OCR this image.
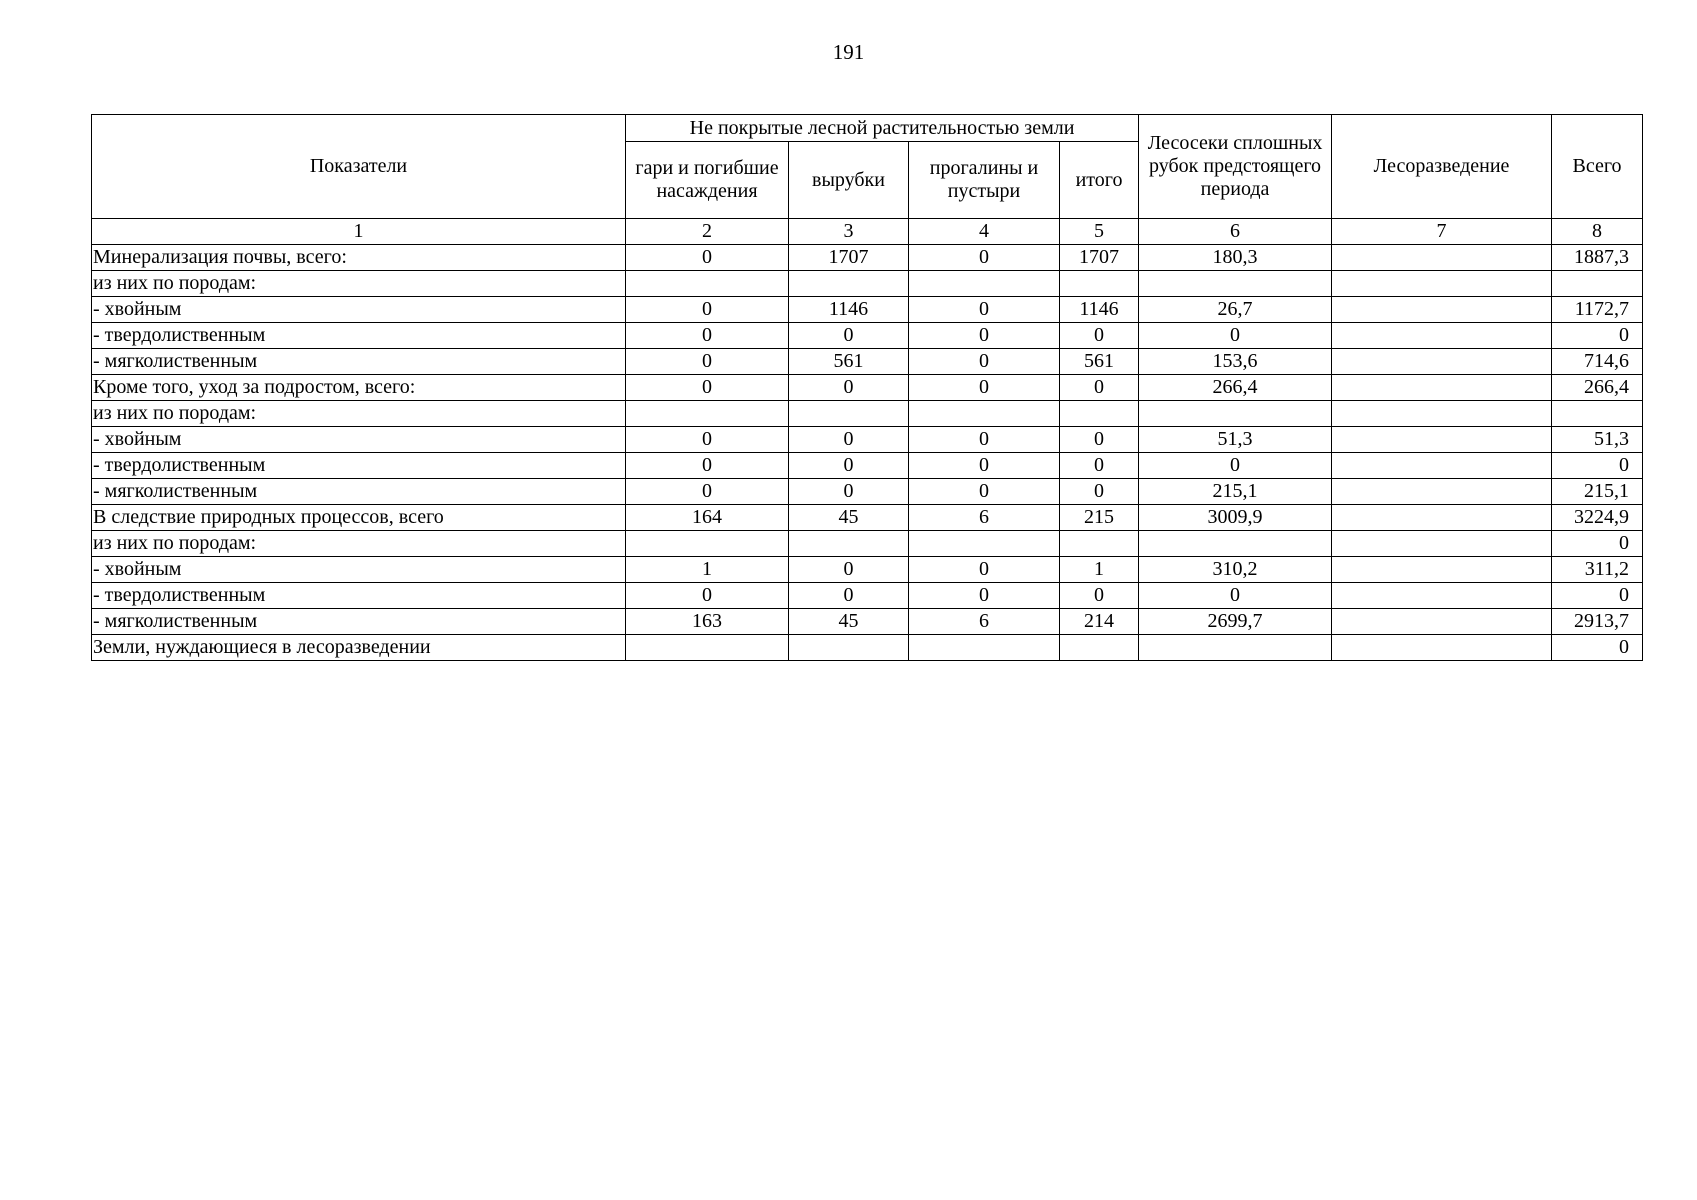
191
Показатели	Не покрытые лесной растительностью земли				Лесосеки сплошных рубок предстоящего периода	Лесоразведение	Всего
	гари и погибшие насаждения	вырубки	прогалины и пустыри	итого			
1	2	3	4	5	6	7	8
Минерализация почвы, всего:	0	1707	0	1707	180,3		1887,3
из них по породам:							
- хвойным	0	1146	0	1146	26,7		1172,7
- твердолиственным	0	0	0	0	0		0
- мягколиственным	0	561	0	561	153,6		714,6
Кроме того, уход за подростом, всего:	0	0	0	0	266,4		266,4
из них по породам:							
- хвойным	0	0	0	0	51,3		51,3
- твердолиственным	0	0	0	0	0		0
- мягколиственным	0	0	0	0	215,1		215,1
В следствие природных процессов, всего	164	45	6	215	3009,9		3224,9
из них по породам:							0
- хвойным	1	0	0	1	310,2		311,2
- твердолиственным	0	0	0	0	0		0
- мягколиственным	163	45	6	214	2699,7		2913,7
Земли, нуждающиеся в лесоразведении							0
